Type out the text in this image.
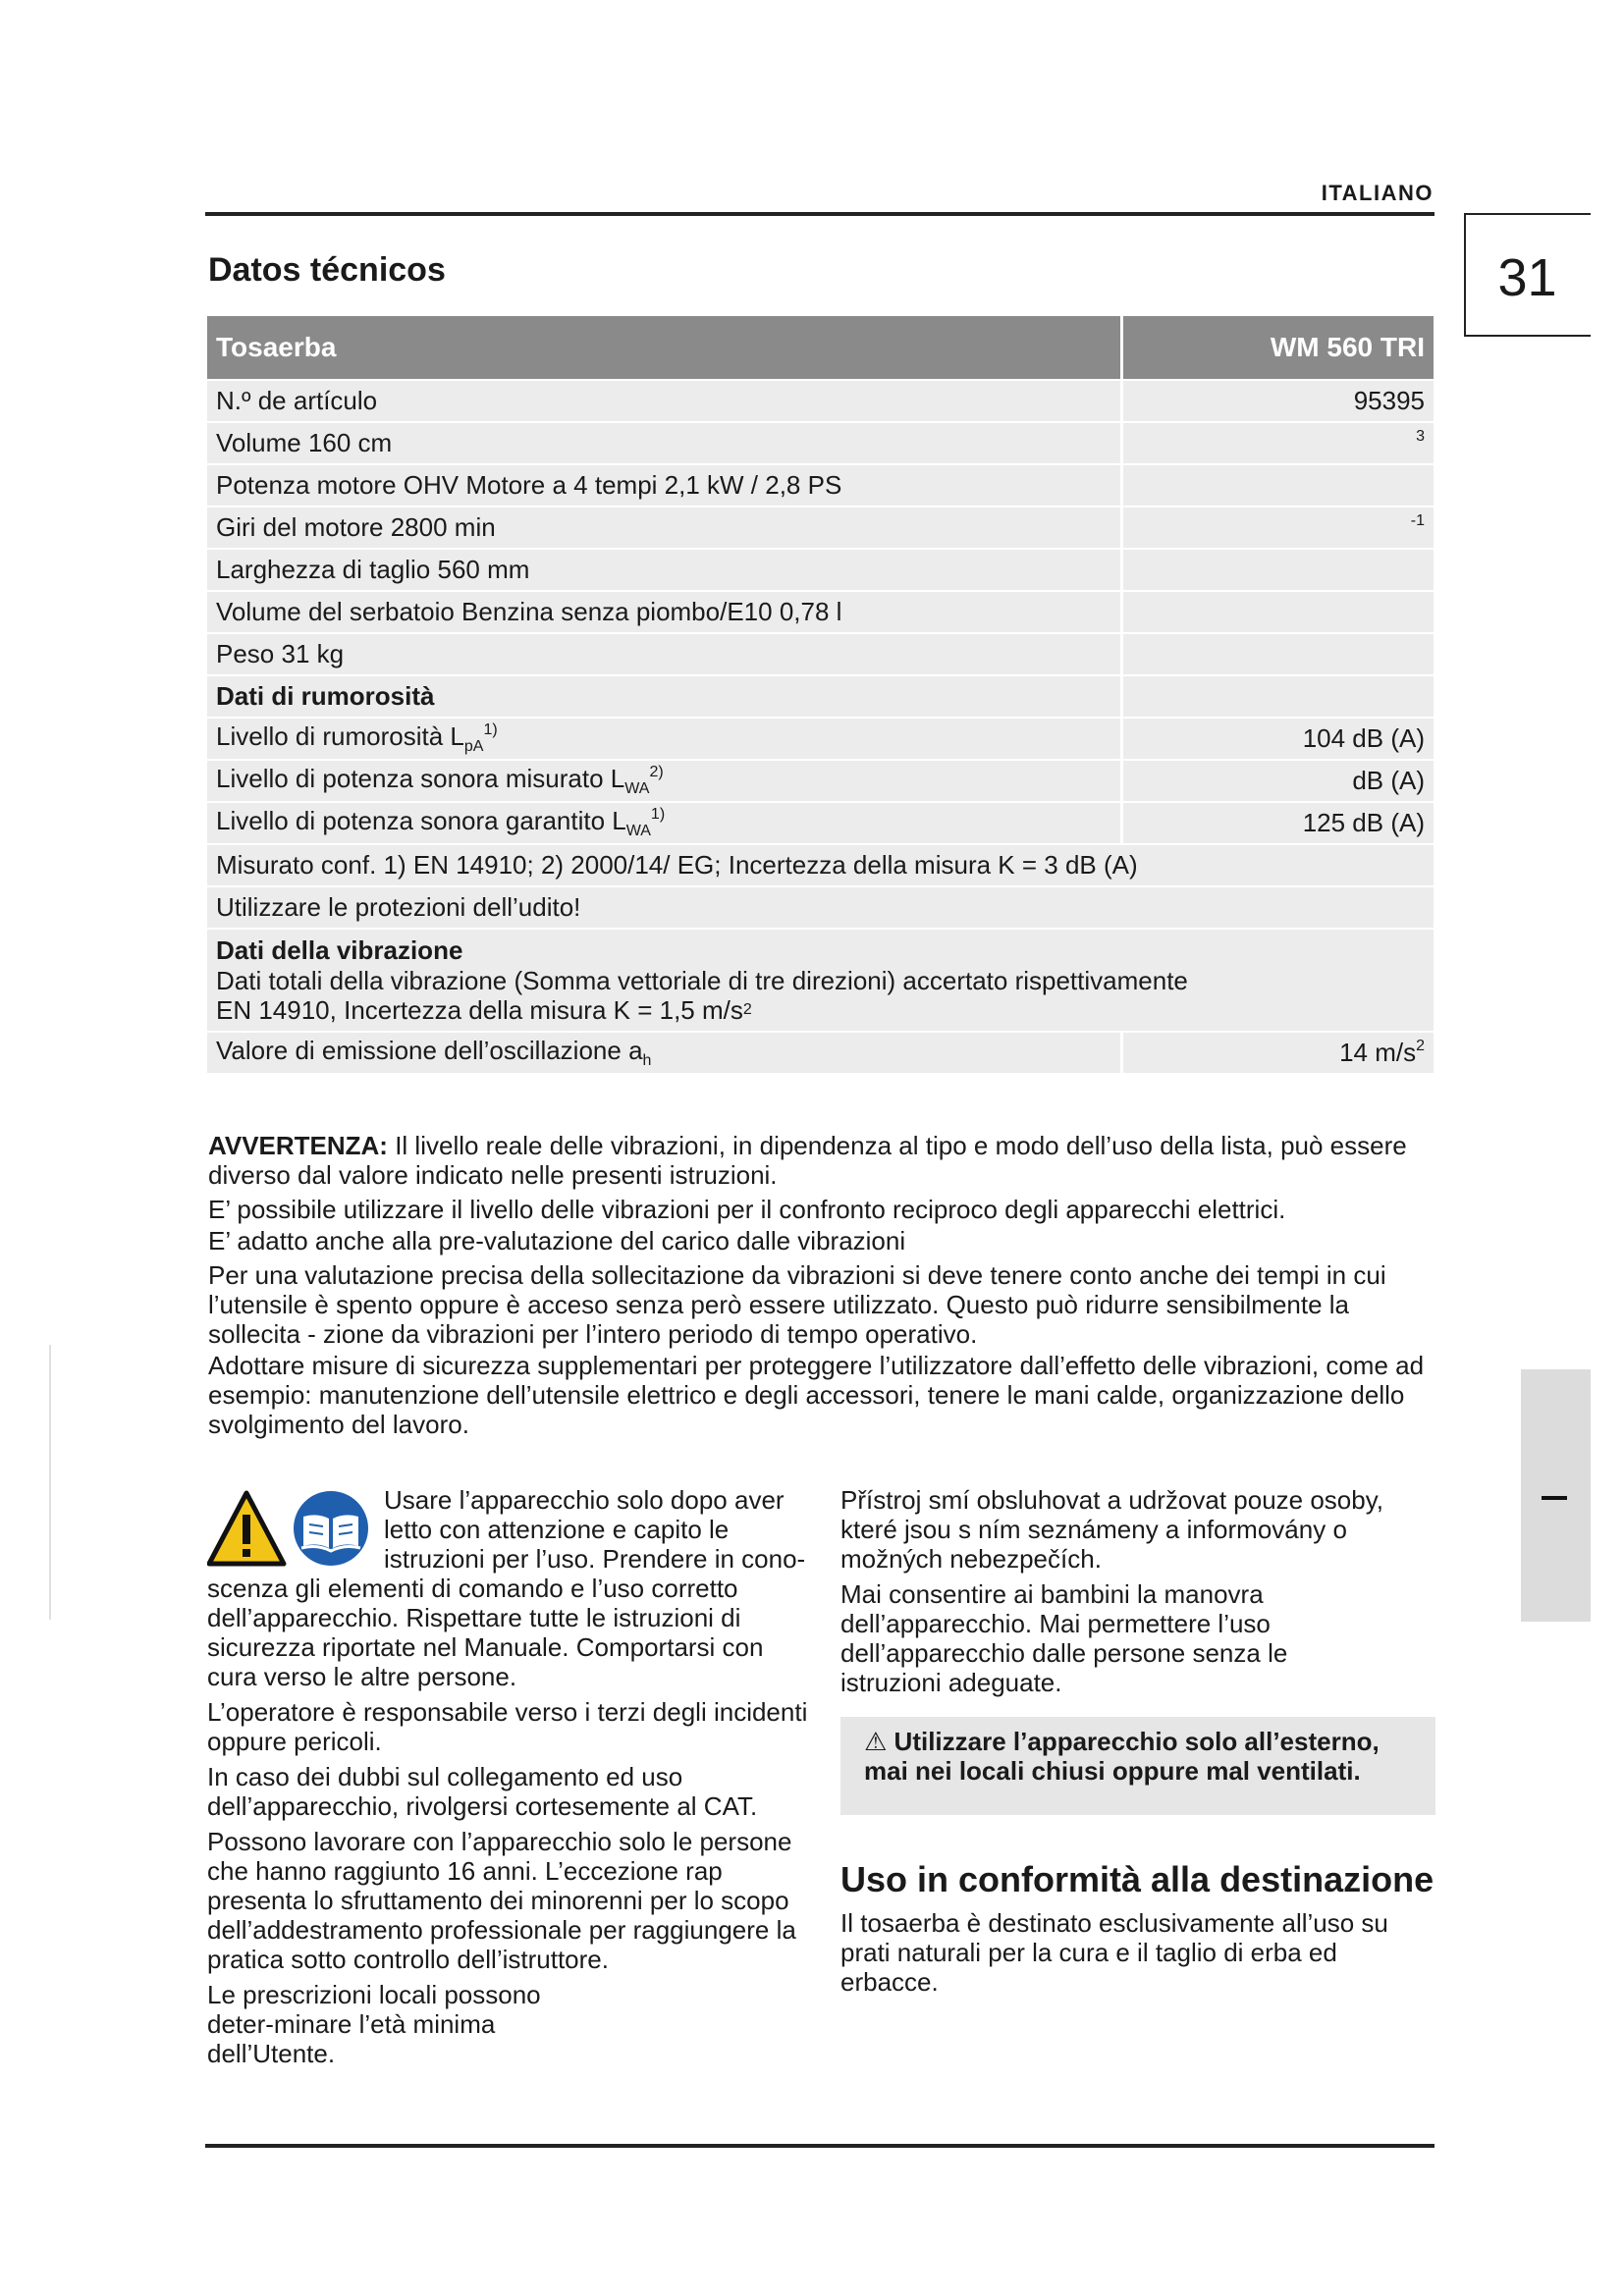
ITALIANO
31
Datos técnicos
Tosaerba	WM 560 TRI
N.º de artículo	95395
Volume 160 cm	$^3$
Potenza motore OHV Motore a 4 tempi 2,1 kW / 2,8 PS	
Giri del motore 2800 min	$^{-1}$
Larghezza di taglio 560 mm	
Volume del serbatoio Benzina senza piombo/E10 0,78 l	
Peso 31 kg	
Dati di rumorosità	
Livello di rumorosità $L_{pA}^{1)}$	104 dB (A)
Livello di potenza sonora misurato $L_{WA}^{2)}$	dB (A)
Livello di potenza sonora garantito $L_{WA}^{1)}$	125 dB (A)
Misurato conf. 1) EN 14910; 2) 2000/14/ EG; Incertezza della misura K = 3 dB (A)	
Utilizzare le protezioni dell’udito!	

Dati della vibrazione
Dati totali della vibrazione (Somma vettoriale di tre direzioni) accertato rispettivamente
EN 14910, Incertezza della misura K = 1,5 $m/s^2$

Valore di emissione dell’oscillazione $a_h$	14 $m/s^2$

AVVERTENZA: Il livello reale delle vibrazioni, in dipendenza al tipo e modo dell’uso della lista, può essere diverso dal valore indicato nelle presenti istruzioni.

E’ possibile utilizzare il livello delle vibrazioni per il confronto reciproco degli apparecchi elettrici.

E’ adatto anche alla pre-valutazione del carico dalle vibrazioni

Per una valutazione precisa della sollecitazione da vibrazioni si deve tenere conto anche dei tempi in cui l’utensile è spento oppure è acceso senza però essere utilizzato. Questo può ridurre sensibilmente la sollecita - zione da vibrazioni per l’intero periodo di tempo operativo.

Adottare misure di sicurezza supplementari per proteggere l’utilizzatore dall’effetto delle vibrazioni, come ad esempio: manutenzione dell’utensile elettrico e degli accessori, tenere le mani calde, organizzazione dello svolgimento del lavoro.

Usare l’apparecchio solo dopo aver letto con attenzione e capito le istruzioni per l’uso. Prendere in cono-scenza gli elementi di comando e l’uso corretto dell’apparecchio. Rispettare tutte le istruzioni di sicurezza riportate nel Manuale. Comportarsi con cura verso le altre persone.

L’operatore è responsabile verso i terzi degli incidenti oppure pericoli.

In caso dei dubbi sul collegamento ed uso dell’apparecchio, rivolgersi cortesemente al CAT.

Possono lavorare con l’apparecchio solo le persone che hanno raggiunto 16 anni. L’eccezione rap presenta lo sfruttamento dei minorenni per lo scopo dell’addestramento professionale per raggiungere la pratica sotto controllo dell’istruttore.

Le prescrizioni locali possono deter-minare l’età minima dell’Utente.

Přístroj smí obsluhovat a udržovat pouze osoby, které jsou s ním seznámeny a informovány o možných nebezpečích.

Mai consentire ai bambini la manovra dell’apparecchio. Mai permettere l’uso dell’apparecchio dalle persone senza le istruzioni adeguate.

⚠ Utilizzare l’apparecchio solo all’esterno, mai nei locali chiusi oppure mal ventilati.
Uso in conformità alla destinazione
Il tosaerba è destinato esclusivamente all’uso su prati naturali per la cura e il taglio di erba ed erbacce.
